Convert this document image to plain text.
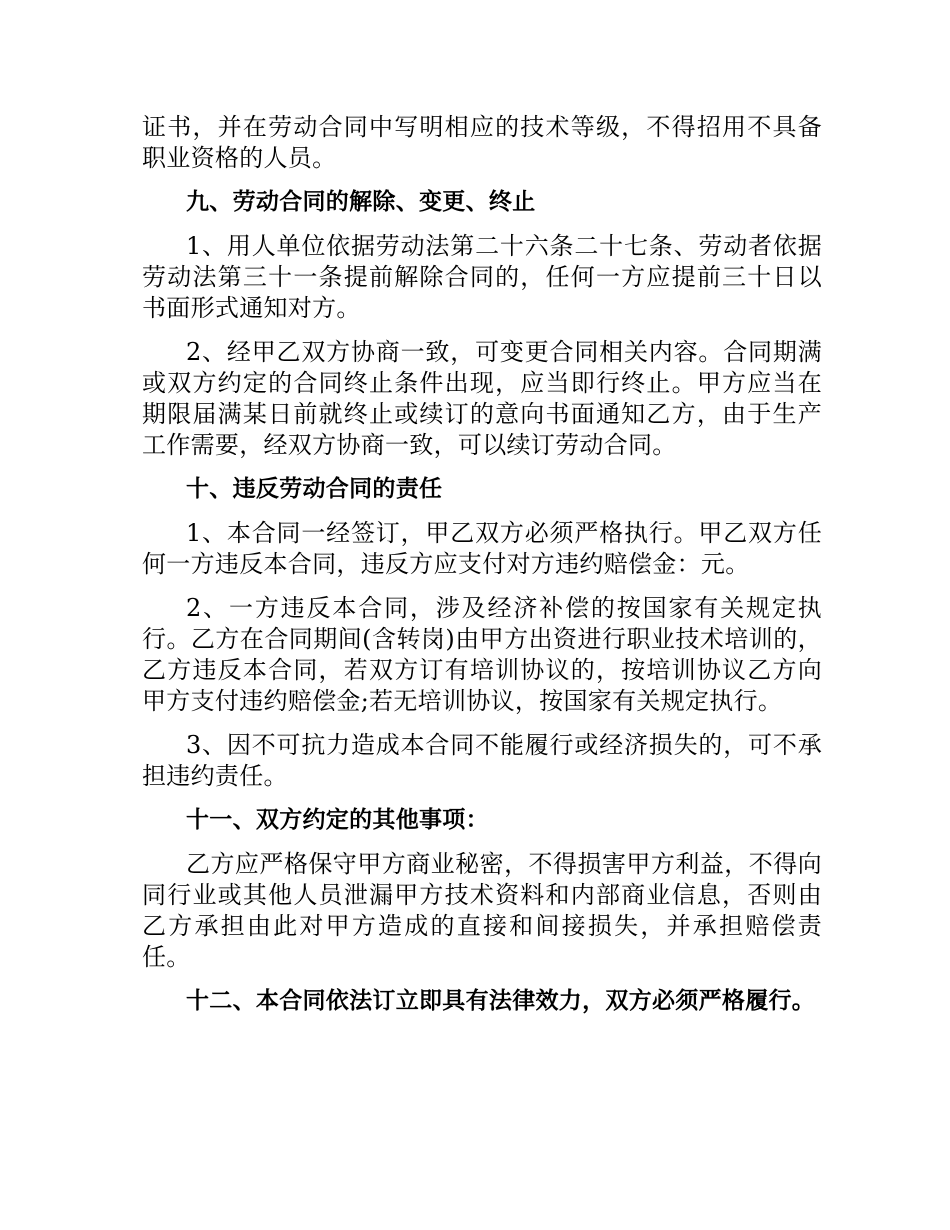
证书，并在劳动合同中写明相应的技术等级，不得招用不具备职业资格的人员。

九、劳动合同的解除、变更、终止

1、用人单位依据劳动法第二十六条二十七条、劳动者依据劳动法第三十一条提前解除合同的，任何一方应提前三十日以书面形式通知对方。

2、经甲乙双方协商一致，可变更合同相关内容。合同期满或双方约定的合同终止条件出现，应当即行终止。甲方应当在期限届满某日前就终止或续订的意向书面通知乙方，由于生产工作需要，经双方协商一致，可以续订劳动合同。

十、违反劳动合同的责任

1、本合同一经签订，甲乙双方必须严格执行。甲乙双方任何一方违反本合同，违反方应支付对方违约赔偿金：元。

2、一方违反本合同，涉及经济补偿的按国家有关规定执行。乙方在合同期间(含转岗)由甲方出资进行职业技术培训的，乙方违反本合同，若双方订有培训协议的，按培训协议乙方向甲方支付违约赔偿金;若无培训协议，按国家有关规定执行。

3、因不可抗力造成本合同不能履行或经济损失的，可不承担违约责任。

十一、双方约定的其他事项：

乙方应严格保守甲方商业秘密，不得损害甲方利益，不得向同行业或其他人员泄漏甲方技术资料和内部商业信息，否则由乙方承担由此对甲方造成的直接和间接损失，并承担赔偿责任。

十二、本合同依法订立即具有法律效力，双方必须严格履行。
